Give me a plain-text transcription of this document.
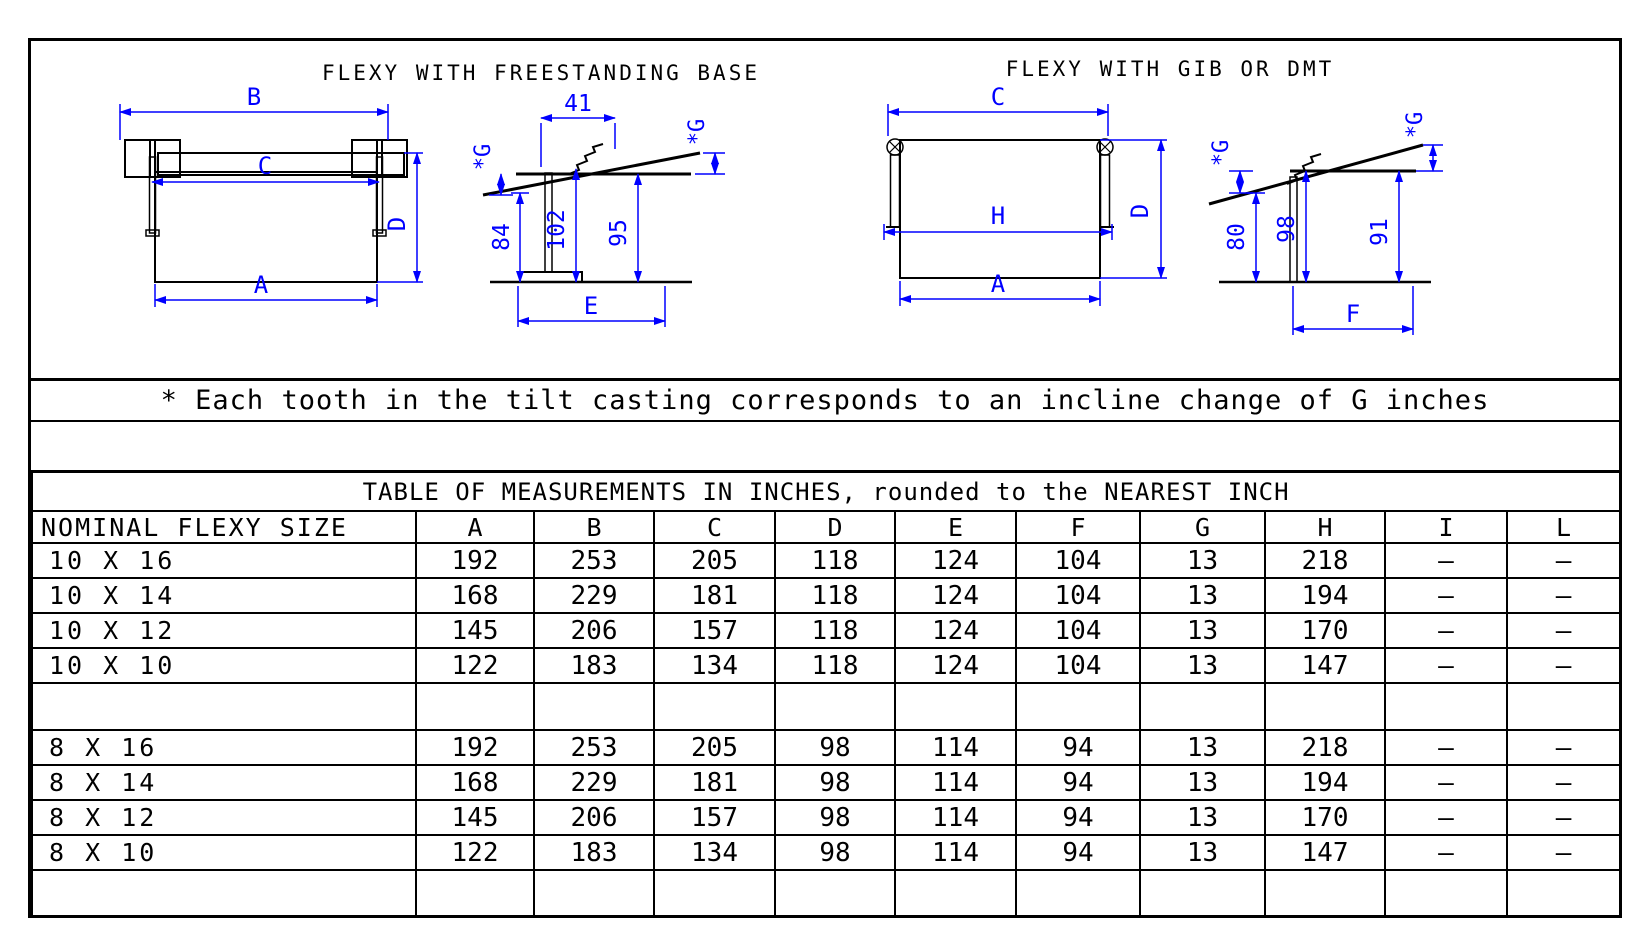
FLEXY WITH FREESTANDING BASE
B
C
D
A
41
*G
*G
84 102 95
E
FLEXY WITH GIB OR DMT
C
H	D
A
*G
*G
80 98	91
F
* Each tooth in the tilt casting corresponds to an incline change of G inches
TABLE OF MEASUREMENTS IN INCHES, rounded to the NEAREST INCH										
NOMINAL FLEXY SIZE	A	B	C	D	E	F	G	H	I	L
10 X 16	192	253	205	118	124	104	13	218	–	–
10 X 14	168	229	181	118	124	104	13	194	–	–
10 X 12	145	206	157	118	124	104	13	170	–	–
10 X 10	122	183	134	118	124	104	13	147	–	–

8 X 16	192	253	205	98	114	94	13	218	–	–
8 X 14	168	229	181	98	114	94	13	194	–	–
8 X 12	145	206	157	98	114	94	13	170	–	–
8 X 10	122	183	134	98	114	94	13	147	–	–
